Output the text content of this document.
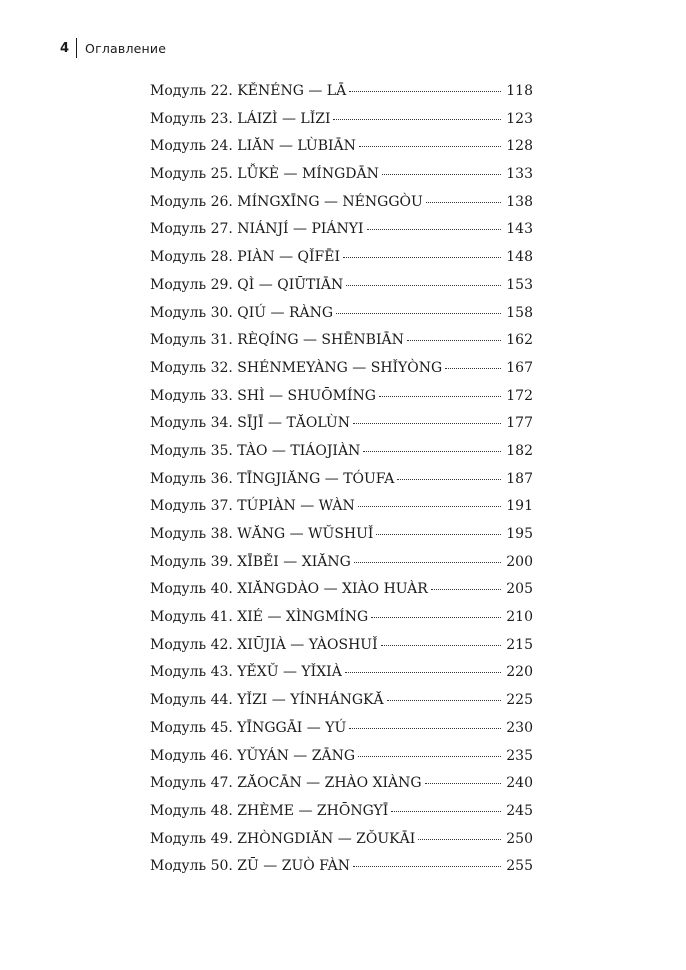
4 Оглавление
Модуль 22. KĚNÉNG — LĀ	118
Модуль 23. LÁIZÌ — LǏZI	123
Модуль 24. LIĂN — LÙBIĀN	128
Модуль 25. LǙKÈ — MÍNGDĀN	133
Модуль 26. MÍNGXĪNG — NÉNGGÒU	138
Модуль 27. NIÁNJÍ — PIÁNYI	143
Модуль 28. PIÀN — QǏFĒI	148
Модуль 29. QÌ — QIŪTIĀN	153
Модуль 30. QIÚ — RÀNG	158
Модуль 31. RÈQÍNG — SHĒNBIĀN	162
Модуль 32. SHÉNMEYÀNG — SHǏYÒNG	167
Модуль 33. SHÌ — SHUŌMÍNG	172
Модуль 34. SĪJĪ — TĂOLÙN	177
Модуль 35. TÀO — TIÁOJIÀN	182
Модуль 36. TĪNGJIĂNG — TÓUFA	187
Модуль 37. TÚPIÀN — WÀN	191
Модуль 38. WĂNG — WŬSHUǏ	195
Модуль 39. XĪBĚI — XIĂNG	200
Модуль 40. XIĂNGDÀO — XIÀO HUÀR	205
Модуль 41. XIÉ — XÌNGMÍNG	210
Модуль 42. XIŪJIÀ — YÀOSHUǏ	215
Модуль 43. YĚXǓ — YǏXIÀ	220
Модуль 44. YǏZI — YÍNHÁNGKĂ	225
Модуль 45. YĪNGGĀI — YÚ	230
Модуль 46. YǓYÁN — ZĀNG	235
Модуль 47. ZĂOCĀN — ZHÀO XIÀNG	240
Модуль 48. ZHÈME — ZHŌNGYĪ	245
Модуль 49. ZHÒNGDIĂN — ZŎUKĀI	250
Модуль 50. ZŪ — ZUÒ FÀN	255
